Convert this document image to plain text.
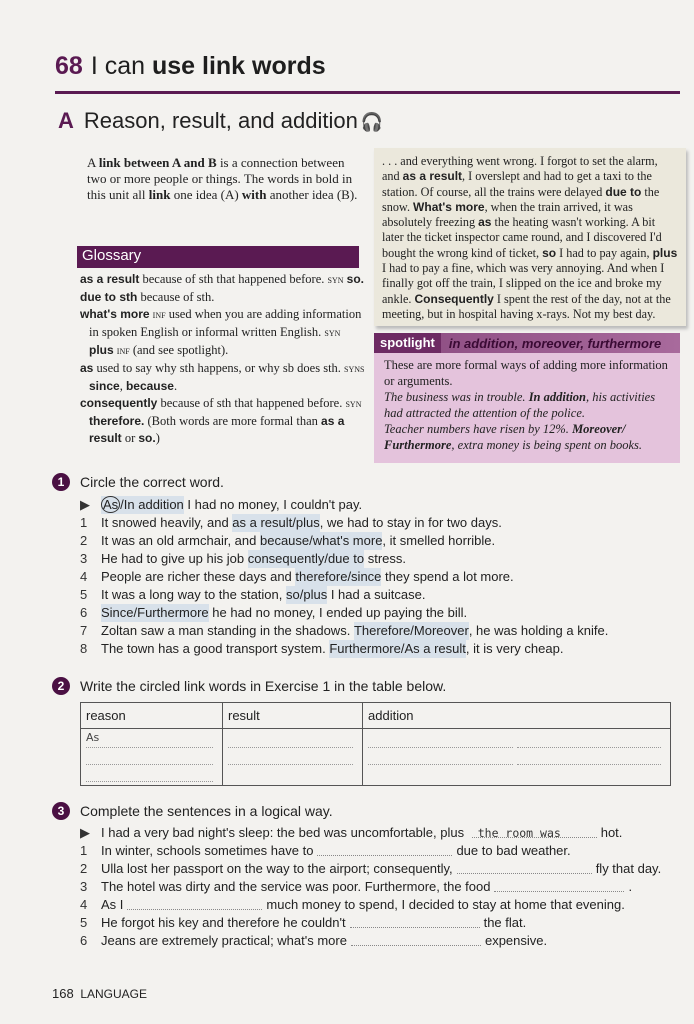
68 I can use link words
A Reason, result, and addition 🎧
A link between A and B is a connection between two or more people or things. The words in bold in this unit all link one idea (A) with another idea (B).
Glossary
as a result because of sth that happened before. syn so.
due to sth because of sth.
what's more inf used when you are adding information in spoken English or informal written English. syn plus inf (and see spotlight).
as used to say why sth happens, or why sb does sth. syns since, because.
consequently because of sth that happened before. syn therefore. (Both words are more formal than as a result or so.)
. . . and everything went wrong. I forgot to set the alarm, and as a result, I overslept and had to get a taxi to the station. Of course, all the trains were delayed due to the snow. What's more, when the train arrived, it was absolutely freezing as the heating wasn't working. A bit later the ticket inspector came round, and I discovered I'd bought the wrong kind of ticket, so I had to pay again, plus I had to pay a fine, which was very annoying. And when I finally got off the train, I slipped on the ice and broke my ankle. Consequently I spent the rest of the day, not at the meeting, but in hospital having x-rays. Not my best day.
spotlight	in addition, moreover, furthermore
These are more formal ways of adding more information or arguments.
The business was in trouble. In addition, his activities had attracted the attention of the police.
Teacher numbers have risen by 12%. Moreover/ Furthermore, extra money is being spent on books.
1	Circle the correct word.
▶	As /In addition I had no money, I couldn't pay.
1	It snowed heavily, and as a result/plus , we had to stay in for two days.
2	It was an old armchair, and because/what's more , it smelled horrible.
3	He had to give up his job consequently/due to stress.
4	People are richer these days and therefore/since they spend a lot more.
5	It was a long way to the station, so/plus I had a suitcase.
6	Since/Furthermore he had no money, I ended up paying the bill.
7	Zoltan saw a man standing in the shadows. Therefore/Moreover , he was holding a knife.
8	The town has a good transport system. Furthermore/As a result , it is very cheap.
2	Write the circled link words in Exercise 1 in the table below.
reason	result	addition

As		

3	Complete the sentences in a logical way.
▶ I had a very bad night's sleep: the bed was uncomfortable, plus the room was	hot.
1	In winter, schools sometimes have to	due to bad weather.
2	Ulla lost her passport on the way to the airport; consequently,	fly that day.
3	The hotel was dirty and the service was poor. Furthermore, the food	.
4	As I	much money to spend, I decided to stay at home that evening.
5	He forgot his key and therefore he couldn't	the flat.
6	Jeans are extremely practical; what's more	expensive.
168 LANGUAGE
